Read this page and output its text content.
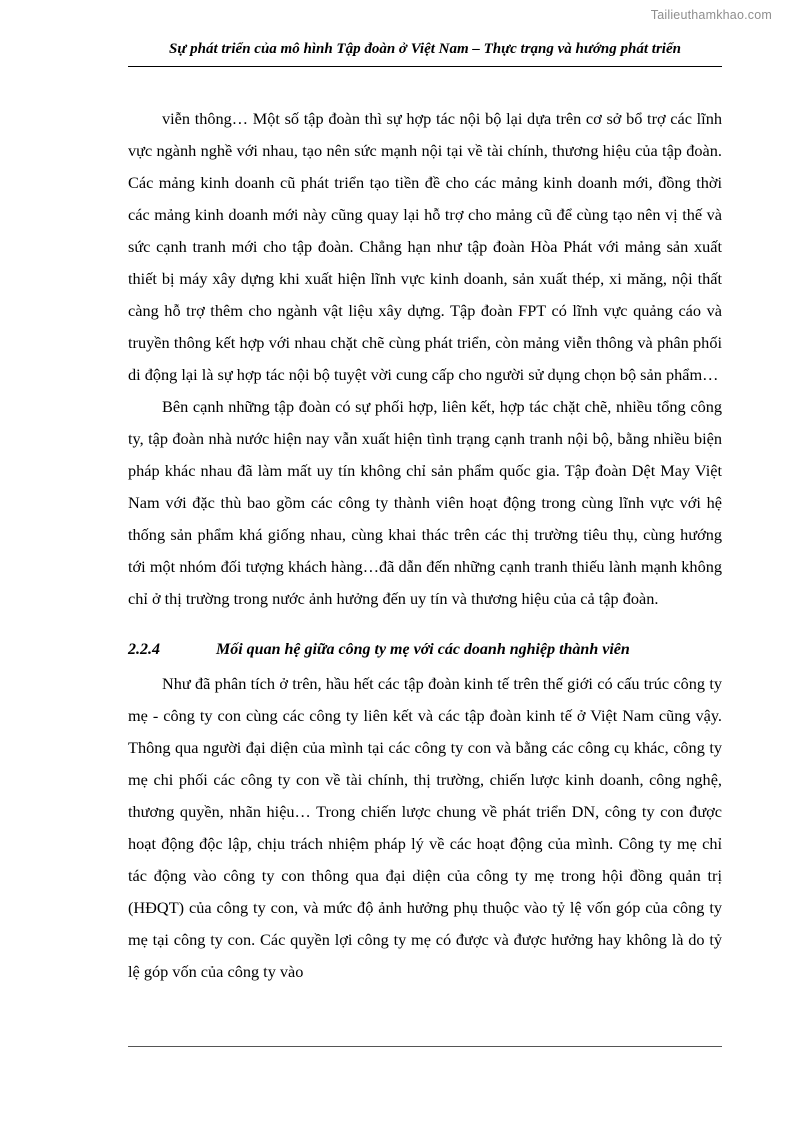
Tailieuthamkhao.com
Sự phát triển của mô hình Tập đoàn ở Việt Nam – Thực trạng và hướng phát triển

viễn thông… Một số tập đoàn thì sự hợp tác nội bộ lại dựa trên cơ sở bổ trợ các lĩnh vực ngành nghề với nhau, tạo nên sức mạnh nội tại về tài chính, thương hiệu của tập đoàn. Các mảng kinh doanh cũ phát triển tạo tiền đề cho các mảng kinh doanh mới, đồng thời các mảng kinh doanh mới này cũng quay lại hỗ trợ cho mảng cũ để cùng tạo nên vị thế và sức cạnh tranh mới cho tập đoàn. Chẳng hạn như tập đoàn Hòa Phát với mảng sản xuất thiết bị máy xây dựng khi xuất hiện lĩnh vực kinh doanh, sản xuất thép, xi măng, nội thất càng hỗ trợ thêm cho ngành vật liệu xây dựng. Tập đoàn FPT có lĩnh vực quảng cáo và truyền thông kết hợp với nhau chặt chẽ cùng phát triển, còn mảng viễn thông và phân phối di động lại là sự hợp tác nội bộ tuyệt vời cung cấp cho người sử dụng chọn bộ sản phẩm…

Bên cạnh những tập đoàn có sự phối hợp, liên kết, hợp tác chặt chẽ, nhiều tổng công ty, tập đoàn nhà nước hiện nay vẫn xuất hiện tình trạng cạnh tranh nội bộ, bằng nhiều biện pháp khác nhau đã làm mất uy tín không chỉ sản phẩm quốc gia. Tập đoàn Dệt May Việt Nam với đặc thù bao gồm các công ty thành viên hoạt động trong cùng lĩnh vực với hệ thống sản phẩm khá giống nhau, cùng khai thác trên các thị trường tiêu thụ, cùng hướng tới một nhóm đối tượng khách hàng…đã dẫn đến những cạnh tranh thiếu lành mạnh không chỉ ở thị trường trong nước ảnh hưởng đến uy tín và thương hiệu của cả tập đoàn.

2.2.4	Mối quan hệ giữa công ty mẹ với các doanh nghiệp thành viên

Như đã phân tích ở trên, hầu hết các tập đoàn kinh tế trên thế giới có cấu trúc công ty mẹ - công ty con cùng các công ty liên kết và các tập đoàn kinh tế ở Việt Nam cũng vậy. Thông qua người đại diện của mình tại các công ty con và bằng các công cụ khác, công ty mẹ chi phối các công ty con về tài chính, thị trường, chiến lược kinh doanh, công nghệ, thương quyền, nhãn hiệu… Trong chiến lược chung về phát triển DN, công ty con được hoạt động độc lập, chịu trách nhiệm pháp lý về các hoạt động của mình. Công ty mẹ chỉ tác động vào công ty con thông qua đại diện của công ty mẹ trong hội đồng quản trị (HĐQT) của công ty con, và mức độ ảnh hưởng phụ thuộc vào tỷ lệ vốn góp của công ty mẹ tại công ty con. Các quyền lợi công ty mẹ có được và được hưởng hay không là do tỷ lệ góp vốn của công ty vào
